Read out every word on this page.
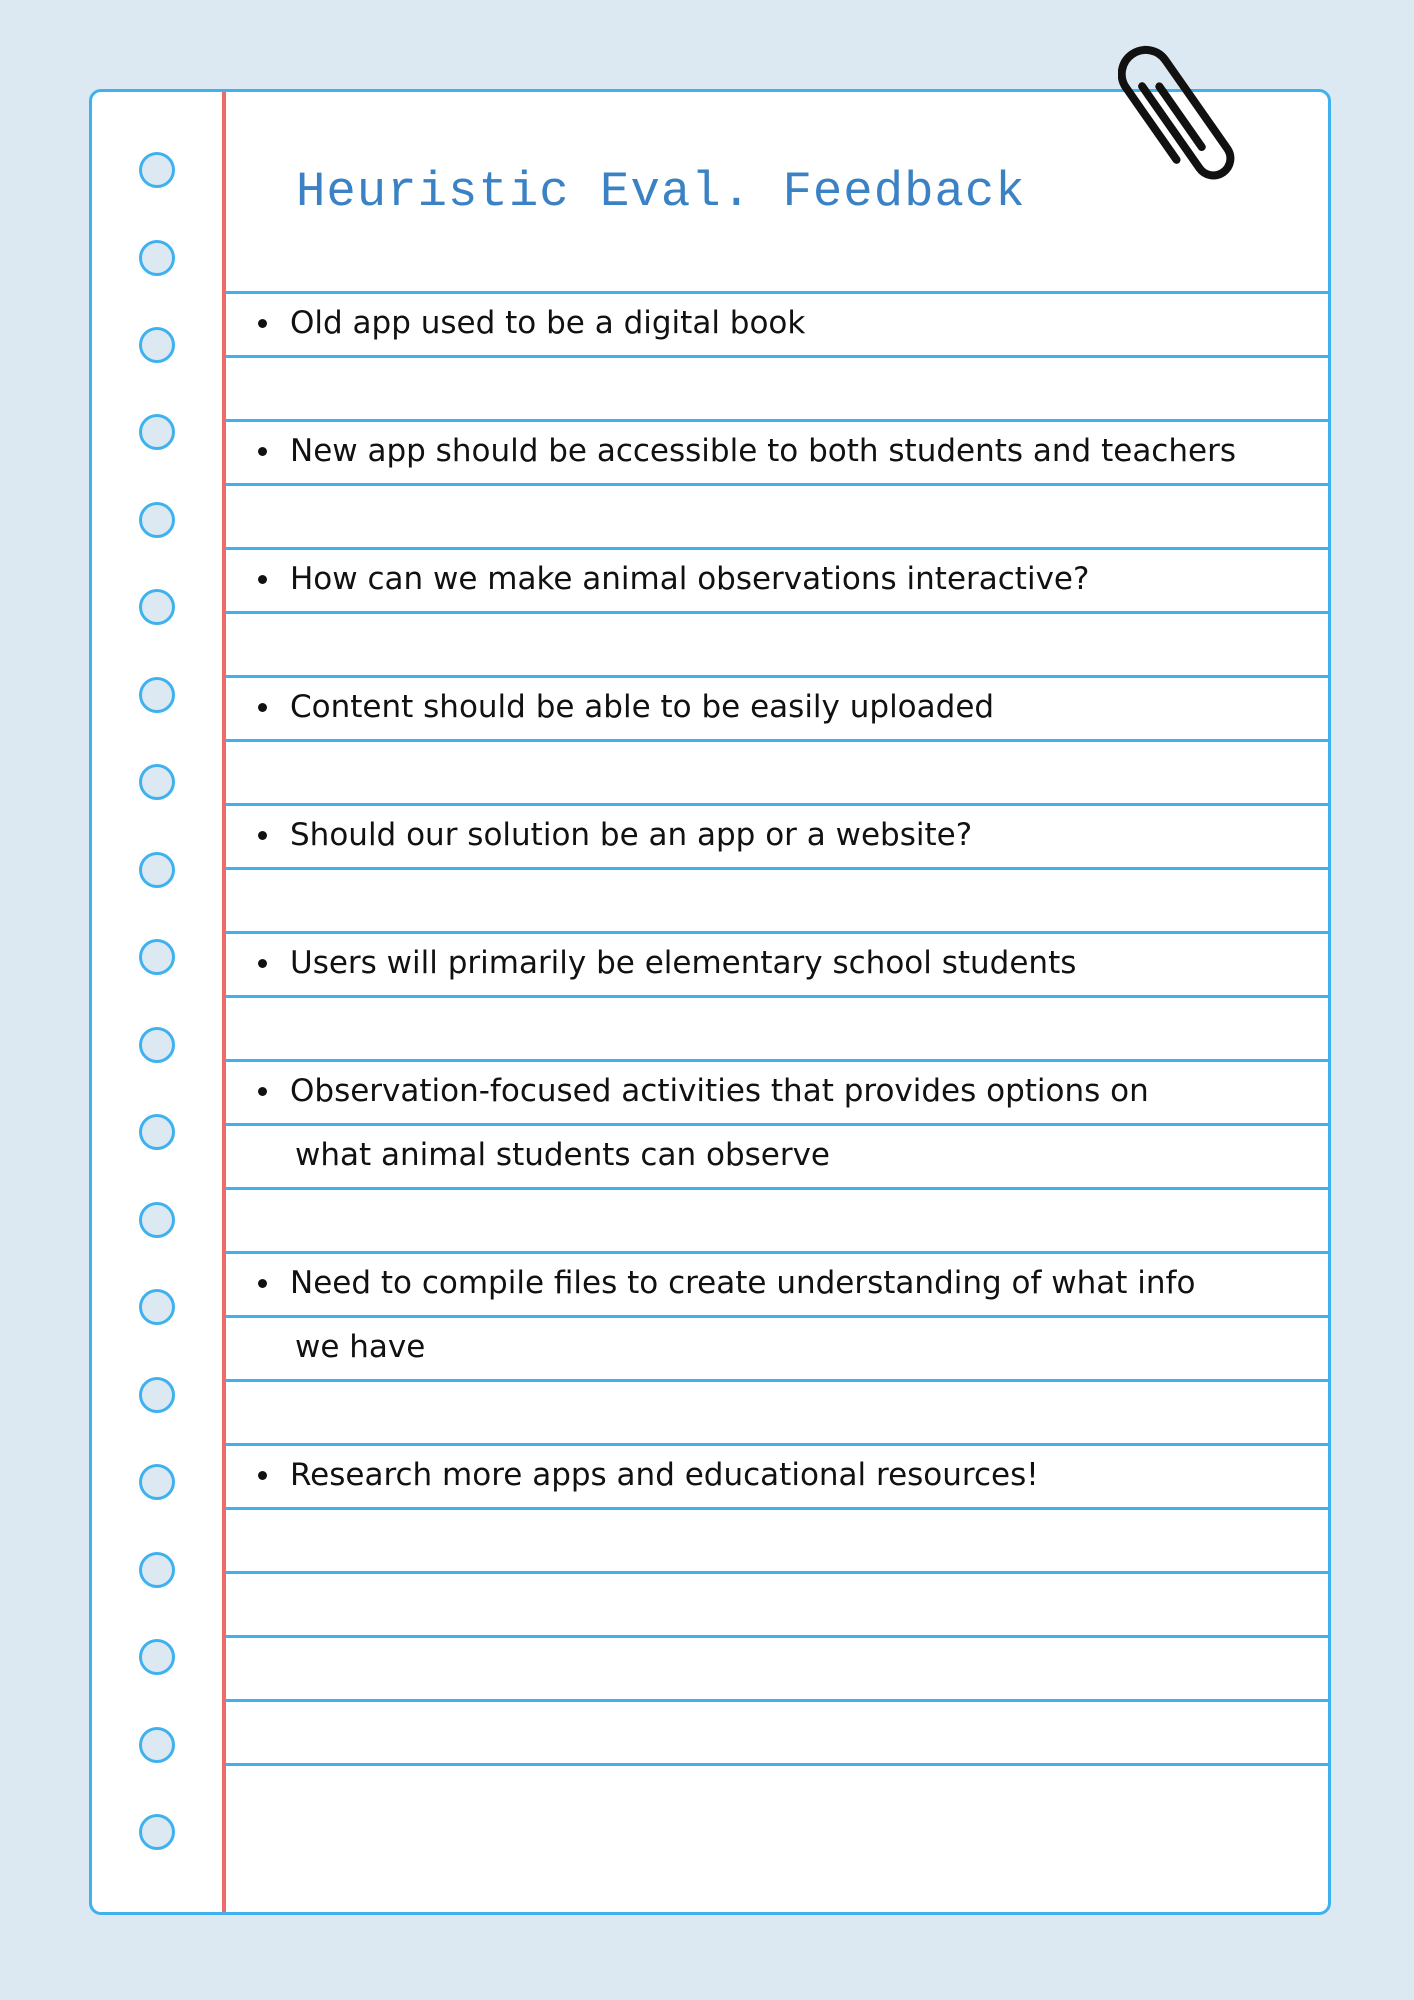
Heuristic Eval. Feedback
Old app used to be a digital book
New app should be accessible to both students and teachers
How can we make animal observations interactive?
Content should be able to be easily uploaded
Should our solution be an app or a website?
Users will primarily be elementary school students
Observation-focused activities that provides options on
what animal students can observe
Need to compile files to create understanding of what info
we have
Research more apps and educational resources!
